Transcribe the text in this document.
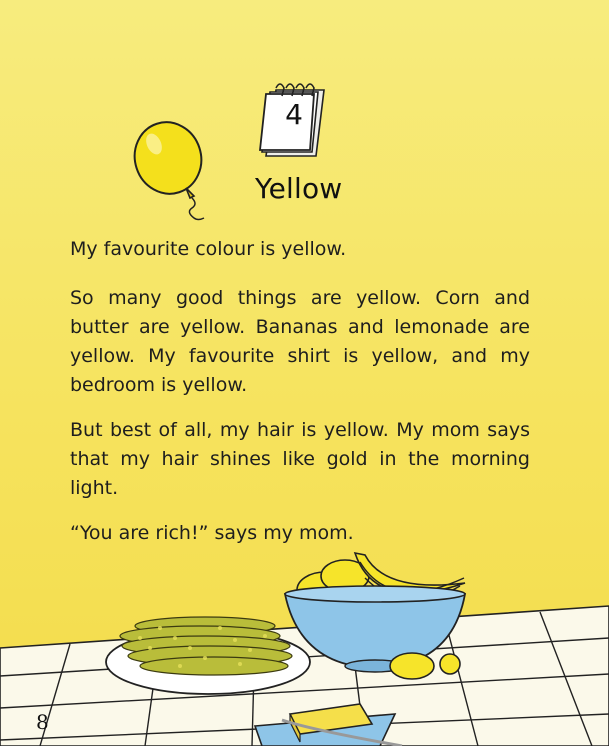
4
Yellow
My favourite colour is yellow.
So many good things are yellow. Corn and butter are yellow. Bananas and lemonade are yellow. My favourite shirt is yellow, and my bedroom is yellow.
But best of all, my hair is yellow. My mom says that my hair shines like gold in the morning light.
“You are rich!” says my mom.
8
